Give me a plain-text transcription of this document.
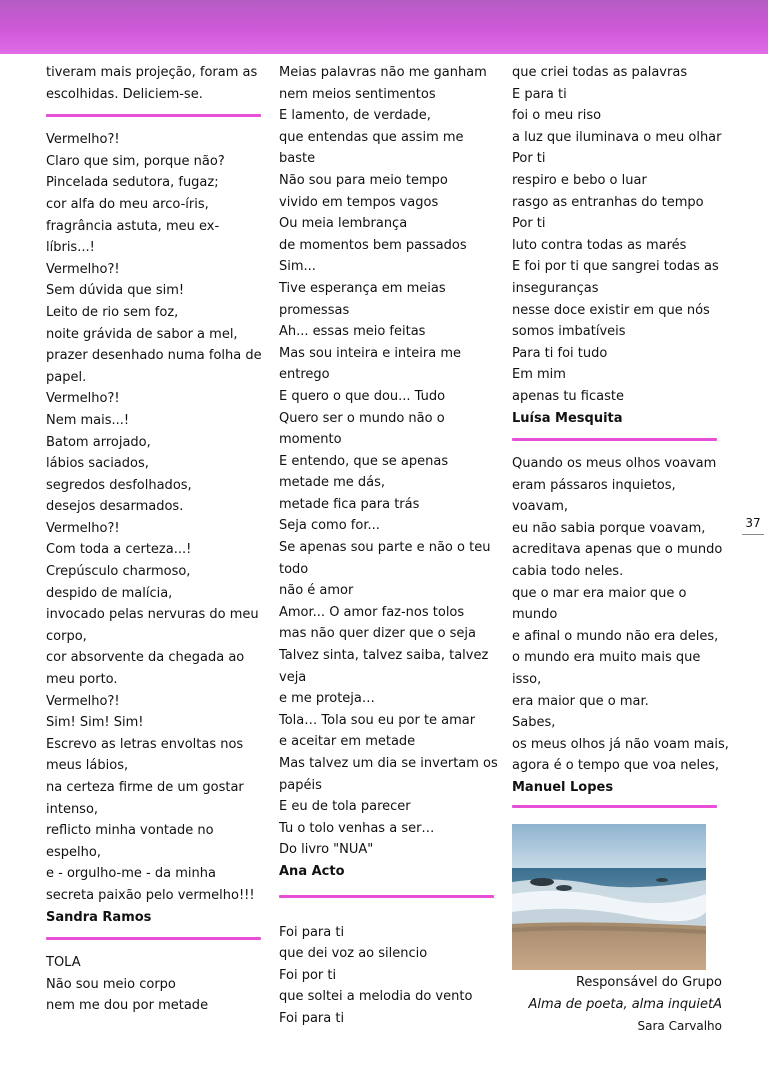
tiveram mais projeção, foram as

escolhidas. Deliciem-se.

Vermelho?!

Claro que sim, porque não?

Pincelada sedutora, fugaz;

cor alfa do meu arco-íris,

fragrância astuta, meu ex-

líbris...!

Vermelho?!

Sem dúvida que sim!

Leito de rio sem foz,

noite grávida de sabor a mel,

prazer desenhado numa folha de

papel.

Vermelho?!

Nem mais...!

Batom arrojado,

lábios saciados,

segredos desfolhados,

desejos desarmados.

Vermelho?!

Com toda a certeza...!

Crepúsculo charmoso,

despido de malícia,

invocado pelas nervuras do meu

corpo,

cor absorvente da chegada ao

meu porto.

Vermelho?!

Sim! Sim! Sim!

Escrevo as letras envoltas nos

meus lábios,

na certeza firme de um gostar

intenso,

reflicto minha vontade no

espelho,

e - orgulho-me - da minha

secreta paixão pelo vermelho!!!

Sandra Ramos

TOLA

Não sou meio corpo

nem me dou por metade

Meias palavras não me ganham

nem meios sentimentos

E lamento, de verdade,

que entendas que assim me

baste

Não sou para meio tempo

vivido em tempos vagos

Ou meia lembrança

de momentos bem passados

Sim...

Tive esperança em meias

promessas

Ah... essas meio feitas

Mas sou inteira e inteira me

entrego

E quero o que dou... Tudo

Quero ser o mundo não o

momento

E entendo, que se apenas

metade me dás,

metade fica para trás

Seja como for...

Se apenas sou parte e não o teu

todo

não é amor

Amor... O amor faz-nos tolos

mas não quer dizer que o seja

Talvez sinta, talvez saiba, talvez

veja

e me proteja…

Tola… Tola sou eu por te amar

e aceitar em metade

Mas talvez um dia se invertam os

papéis

E eu de tola parecer

Tu o tolo venhas a ser…

Do livro "NUA"

Ana Acto

Foi para ti

que dei voz ao silencio

Foi por ti

que soltei a melodia do vento

Foi para ti

que criei todas as palavras

E para ti

foi o meu riso

a luz que iluminava o meu olhar

Por ti

respiro e bebo o luar

rasgo as entranhas do tempo

Por ti

luto contra todas as marés

E foi por ti que sangrei todas as

inseguranças

nesse doce existir em que nós

somos imbatíveis

Para ti foi tudo

Em mim

apenas tu ficaste

Luísa Mesquita

Quando os meus olhos voavam

eram pássaros inquietos,

voavam,

eu não sabia porque voavam,

acreditava apenas que o mundo

cabia todo neles.

que o mar era maior que o

mundo

e afinal o mundo não era deles,

o mundo era muito mais que

isso,

era maior que o mar.

Sabes,

os meus olhos já não voam mais,

agora é o tempo que voa neles,

Manuel Lopes

37
Responsável do Grupo
Alma de poeta, alma inquietA
Sara Carvalho
